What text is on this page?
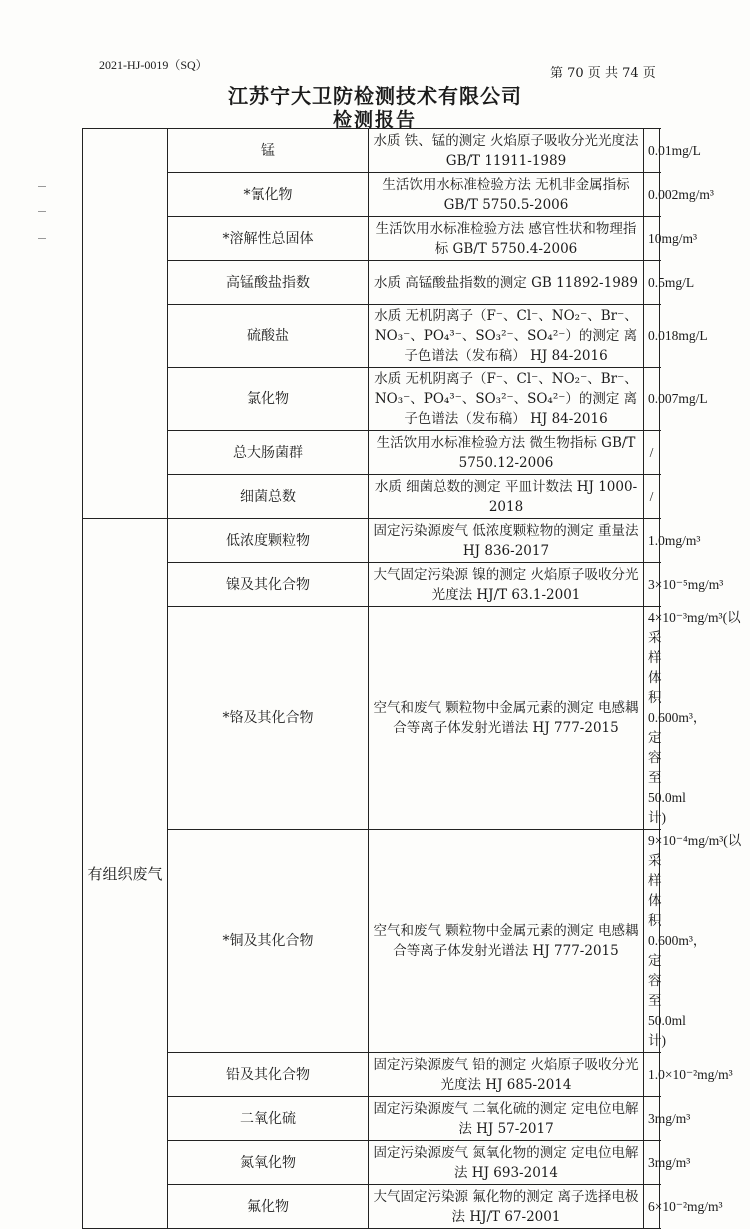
2021-HJ-0019（SQ）
第 70 页 共 74 页
江苏宁大卫防检测技术有限公司
检测报告
	锰	水质 铁、锰的测定 火焰原子吸收分光光度法 GB/T 11911-1989	0.01mg/L
	*氰化物	生活饮用水标准检验方法 无机非金属指标 GB/T 5750.5-2006	0.002mg/m³
	*溶解性总固体	生活饮用水标准检验方法 感官性状和物理指标 GB/T 5750.4-2006	10mg/m³
	高锰酸盐指数	水质 高锰酸盐指数的测定 GB 11892-1989	0.5mg/L
	硫酸盐	水质 无机阴离子（F⁻、Cl⁻、NO₂⁻、Br⁻、NO₃⁻、PO₄³⁻、SO₃²⁻、SO₄²⁻）的测定 离子色谱法（发布稿） HJ 84-2016	0.018mg/L
	氯化物	水质 无机阴离子（F⁻、Cl⁻、NO₂⁻、Br⁻、NO₃⁻、PO₄³⁻、SO₃²⁻、SO₄²⁻）的测定 离子色谱法（发布稿） HJ 84-2016	0.007mg/L
	总大肠菌群	生活饮用水标准检验方法 微生物指标 GB/T 5750.12-2006	/
	细菌总数	水质 细菌总数的测定 平皿计数法 HJ 1000-2018	/
有组织废气	低浓度颗粒物	固定污染源废气 低浓度颗粒物的测定 重量法 HJ 836-2017	1.0mg/m³
	镍及其化合物	大气固定污染源 镍的测定 火焰原子吸收分光光度法 HJ/T 63.1-2001	3×10⁻⁵mg/m³
	*铬及其化合物	空气和废气 颗粒物中金属元素的测定 电感耦合等离子体发射光谱法 HJ 777-2015	4×10⁻³mg/m³(以采样体积0.600m³，定容至50.0ml 计)
	*铜及其化合物	空气和废气 颗粒物中金属元素的测定 电感耦合等离子体发射光谱法 HJ 777-2015	9×10⁻⁴mg/m³(以采样体积0.600m³，定容至50.0ml 计)
	铅及其化合物	固定污染源废气 铅的测定 火焰原子吸收分光光度法 HJ 685-2014	1.0×10⁻²mg/m³
	二氧化硫	固定污染源废气 二氧化硫的测定 定电位电解法 HJ 57-2017	3mg/m³
	氮氧化物	固定污染源废气 氮氧化物的测定 定电位电解法 HJ 693-2014	3mg/m³
	氟化物	大气固定污染源 氟化物的测定 离子选择电极法 HJ/T 67-2001	6×10⁻²mg/m³
